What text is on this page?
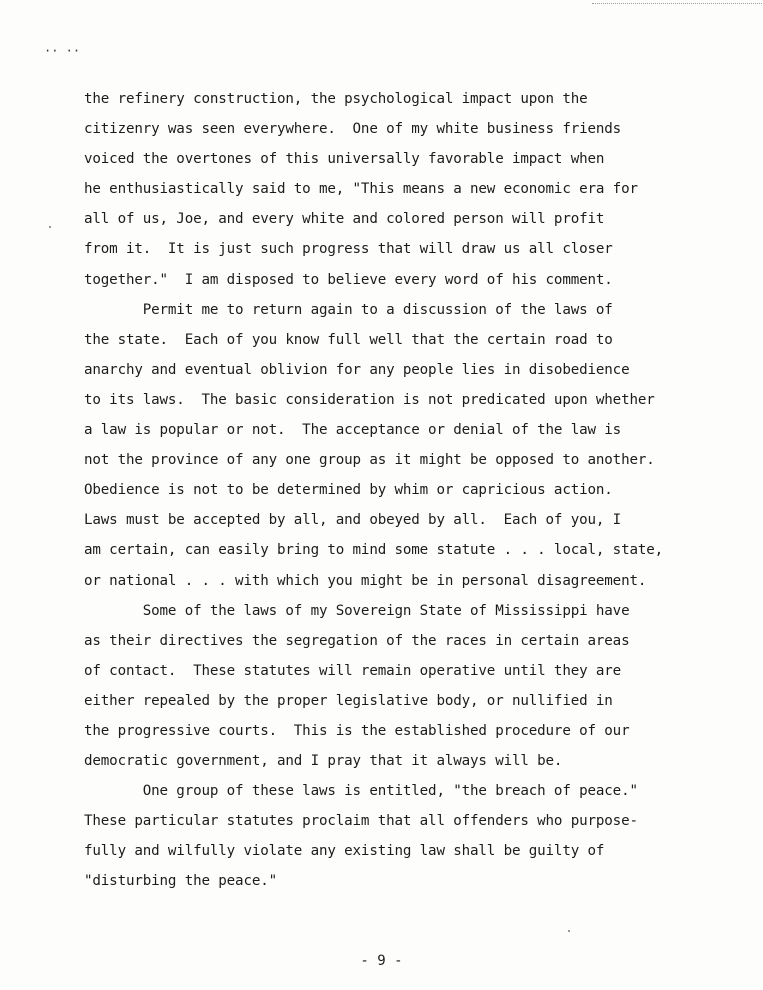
·· ··
the refinery construction, the psychological impact upon the
citizenry was seen everywhere.  One of my white business friends
voiced the overtones of this universally favorable impact when
he enthusiastically said to me, "This means a new economic era for
all of us, Joe, and every white and colored person will profit
from it.  It is just such progress that will draw us all closer
together."  I am disposed to believe every word of his comment.
Permit me to return again to a discussion of the laws of
the state.  Each of you know full well that the certain road to
anarchy and eventual oblivion for any people lies in disobedience
to its laws.  The basic consideration is not predicated upon whether
a law is popular or not.  The acceptance or denial of the law is
not the province of any one group as it might be opposed to another.
Obedience is not to be determined by whim or capricious action.
Laws must be accepted by all, and obeyed by all.  Each of you, I
am certain, can easily bring to mind some statute . . . local, state,
or national . . . with which you might be in personal disagreement.
Some of the laws of my Sovereign State of Mississippi have
as their directives the segregation of the races in certain areas
of contact.  These statutes will remain operative until they are
either repealed by the proper legislative body, or nullified in
the progressive courts.  This is the established procedure of our
democratic government, and I pray that it always will be.
One group of these laws is entitled, "the breach of peace."
These particular statutes proclaim that all offenders who purpose-
fully and wilfully violate any existing law shall be guilty of
"disturbing the peace."
- 9 -
